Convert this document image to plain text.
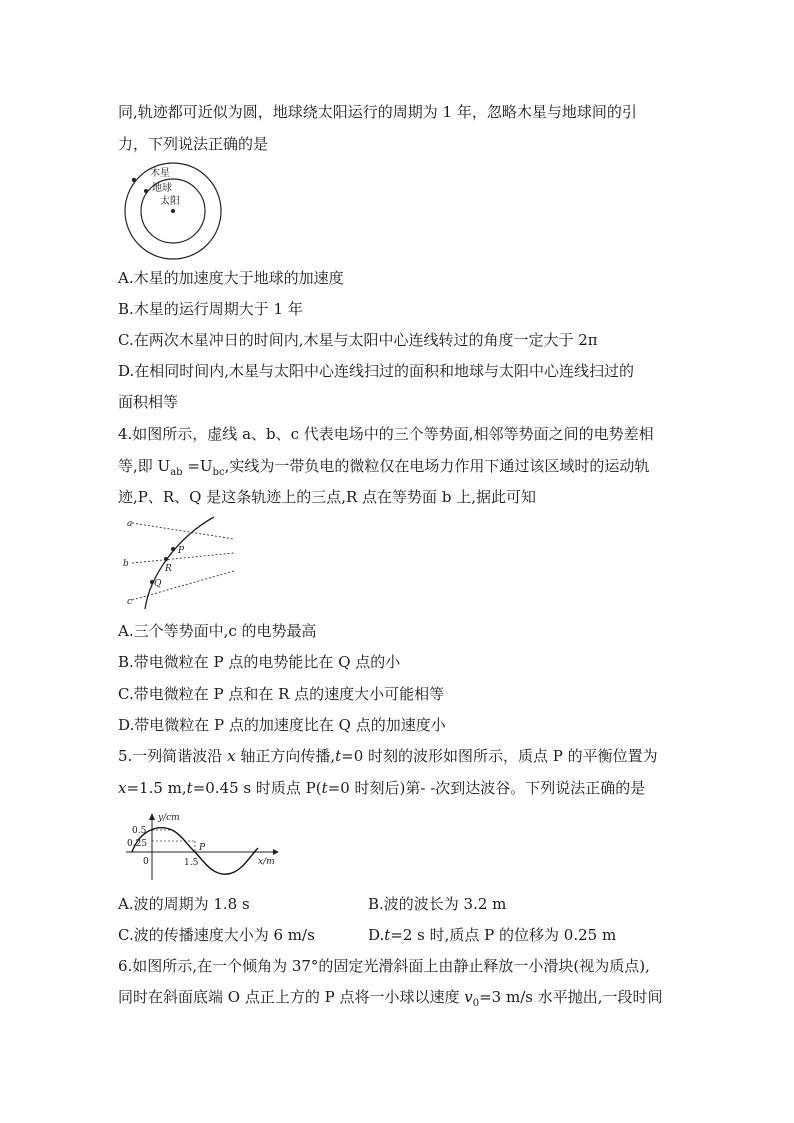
同,轨迹都可近似为圆，地球绕太阳运行的周期为 1 年，忽略木星与地球间的引
力，下列说法正确的是
木星
地球
太阳
A.木星的加速度大于地球的加速度
B.木星的运行周期大于 1 年
C.在两次木星冲日的时间内,木星与太阳中心连线转过的角度一定大于 2π
D.在相同时间内,木星与太阳中心连线扫过的面积和地球与太阳中心连线扫过的
面积相等
4.如图所示，虚线 a、b、c 代表电场中的三个等势面,相邻等势面之间的电势差相
等,即 $U_{ab} =U_{bc}$,实线为一带负电的微粒仅在电场力作用下通过该区域时的运动轨
迹,P、R、Q 是这条轨迹上的三点,R 点在等势面 b 上,据此可知
a
b
c
P
R
Q
A.三个等势面中,c 的电势最高
B.带电微粒在 P 点的电势能比在 Q 点的小
C.带电微粒在 P 点和在 R 点的速度大小可能相等
D.带电微粒在 P 点的加速度比在 Q 点的加速度小
5.一列简谐波沿 x 轴正方向传播,t=0 时刻的波形如图所示，质点 P 的平衡位置为
x=1.5 m,t=0.45 s 时质点 P(t=0 时刻后)第- -次到达波谷。下列说法正确的是
y/cm
x/m
0.5
0.25
0	1.5
P
A.波的周期为 1.8 s	B.波的波长为 3.2 m
C.波的传播速度大小为 6 m/s	D.t=2 s 时,质点 P 的位移为 0.25 m
6.如图所示,在一个倾角为 37°的固定光滑斜面上由静止释放一小滑块(视为质点),
同时在斜面底端 O 点正上方的 P 点将一小球以速度 $v_0=3$ m/s 水平抛出,一段时间
